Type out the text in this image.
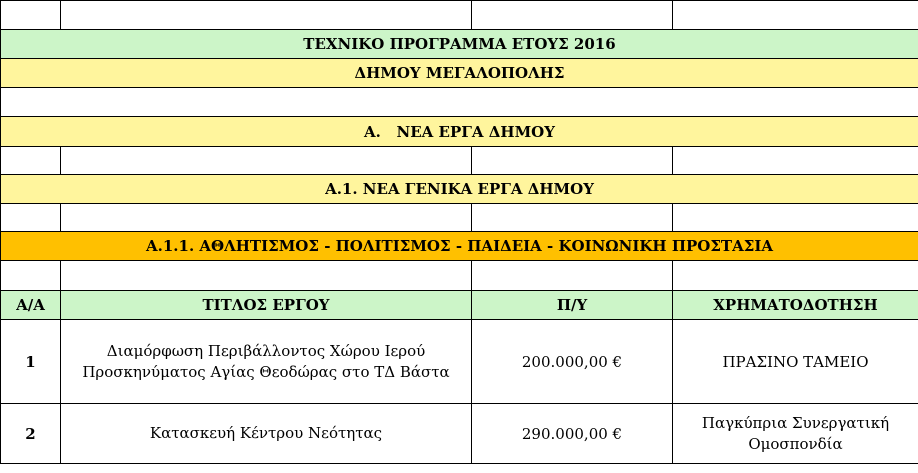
ΤΕΧΝΙΚΟ ΠΡΟΓΡΑΜΜΑ ΕΤΟΥΣ 2016			
ΔΗΜΟΥ ΜΕΓΑΛΟΠΟΛΗΣ			

Α.   ΝΕΑ ΕΡΓΑ ΔΗΜΟΥ			

Α.1. ΝΕΑ ΓΕΝΙΚΑ ΕΡΓΑ ΔΗΜΟΥ			

Α.1.1. ΑΘΛΗΤΙΣΜΟΣ - ΠΟΛΙΤΙΣΜΟΣ - ΠΑΙΔΕΙΑ - ΚΟΙΝΩΝΙΚΗ ΠΡΟΣΤΑΣΙΑ			

Α/Α	ΤΙΤΛΟΣ ΕΡΓΟΥ	Π/Υ	ΧΡΗΜΑΤΟΔΟΤΗΣΗ
1	Διαμόρφωση Περιβάλλοντος Χώρου Ιερού Προσκηνύματος Αγίας Θεοδώρας στο ΤΔ Βάστα	200.000,00 €	ΠΡΑΣΙΝΟ ΤΑΜΕΙΟ
2	Κατασκευή Κέντρου Νεότητας	290.000,00 €	Παγκύπρια Συνεργατική Ομοσπονδία
